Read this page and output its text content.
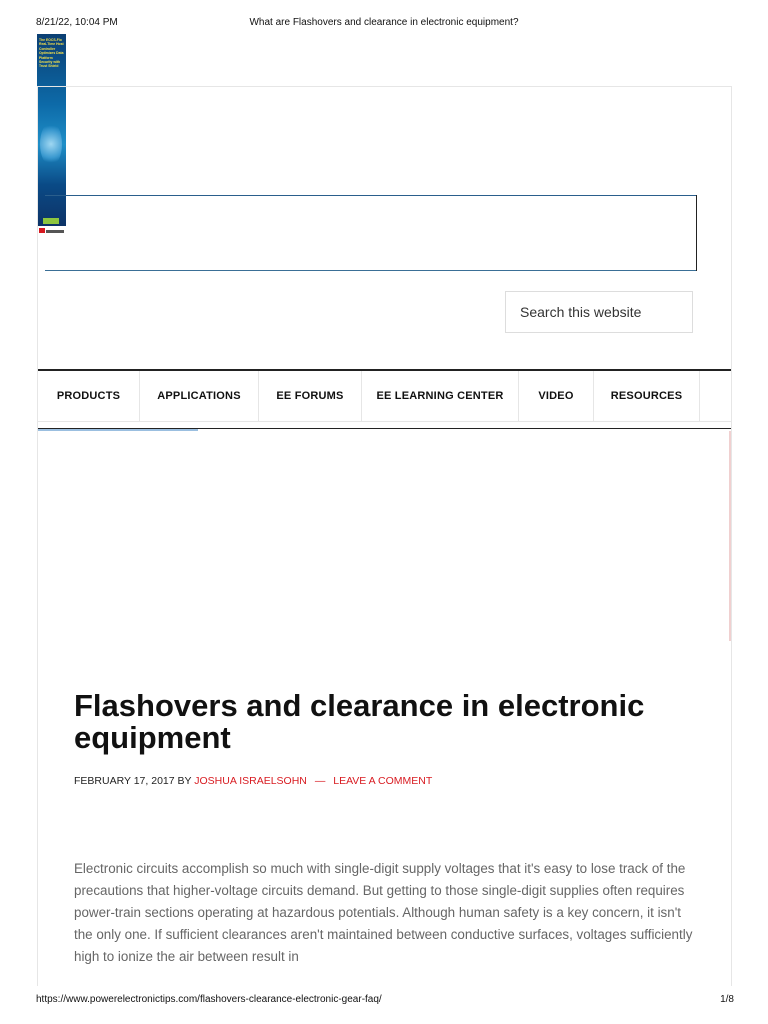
8/21/22, 10:04 PM	What are Flashovers and clearance in electronic equipment?
The EOCS-Flo Real-Time Host Controller Optimizes Data Platform Security with Trust Shield
Search this website
PRODUCTS	APPLICATIONS	EE FORUMS	EE LEARNING CENTER	VIDEO	RESOURCES
Flashovers and clearance in electronic equipment
FEBRUARY 17, 2017 BY JOSHUA ISRAELSOHN — LEAVE A COMMENT

Electronic circuits accomplish so much with single-digit supply voltages that it's easy to lose track of the precautions that higher-voltage circuits demand. But getting to those single-digit supplies often requires power-train sections operating at hazardous potentials. Although human safety is a key concern, it isn't the only one. If sufficient clearances aren't maintained between conductive surfaces, voltages sufficiently high to ionize the air between result in

https://www.powerelectronictips.com/flashovers-clearance-electronic-gear-faq/	1/8
